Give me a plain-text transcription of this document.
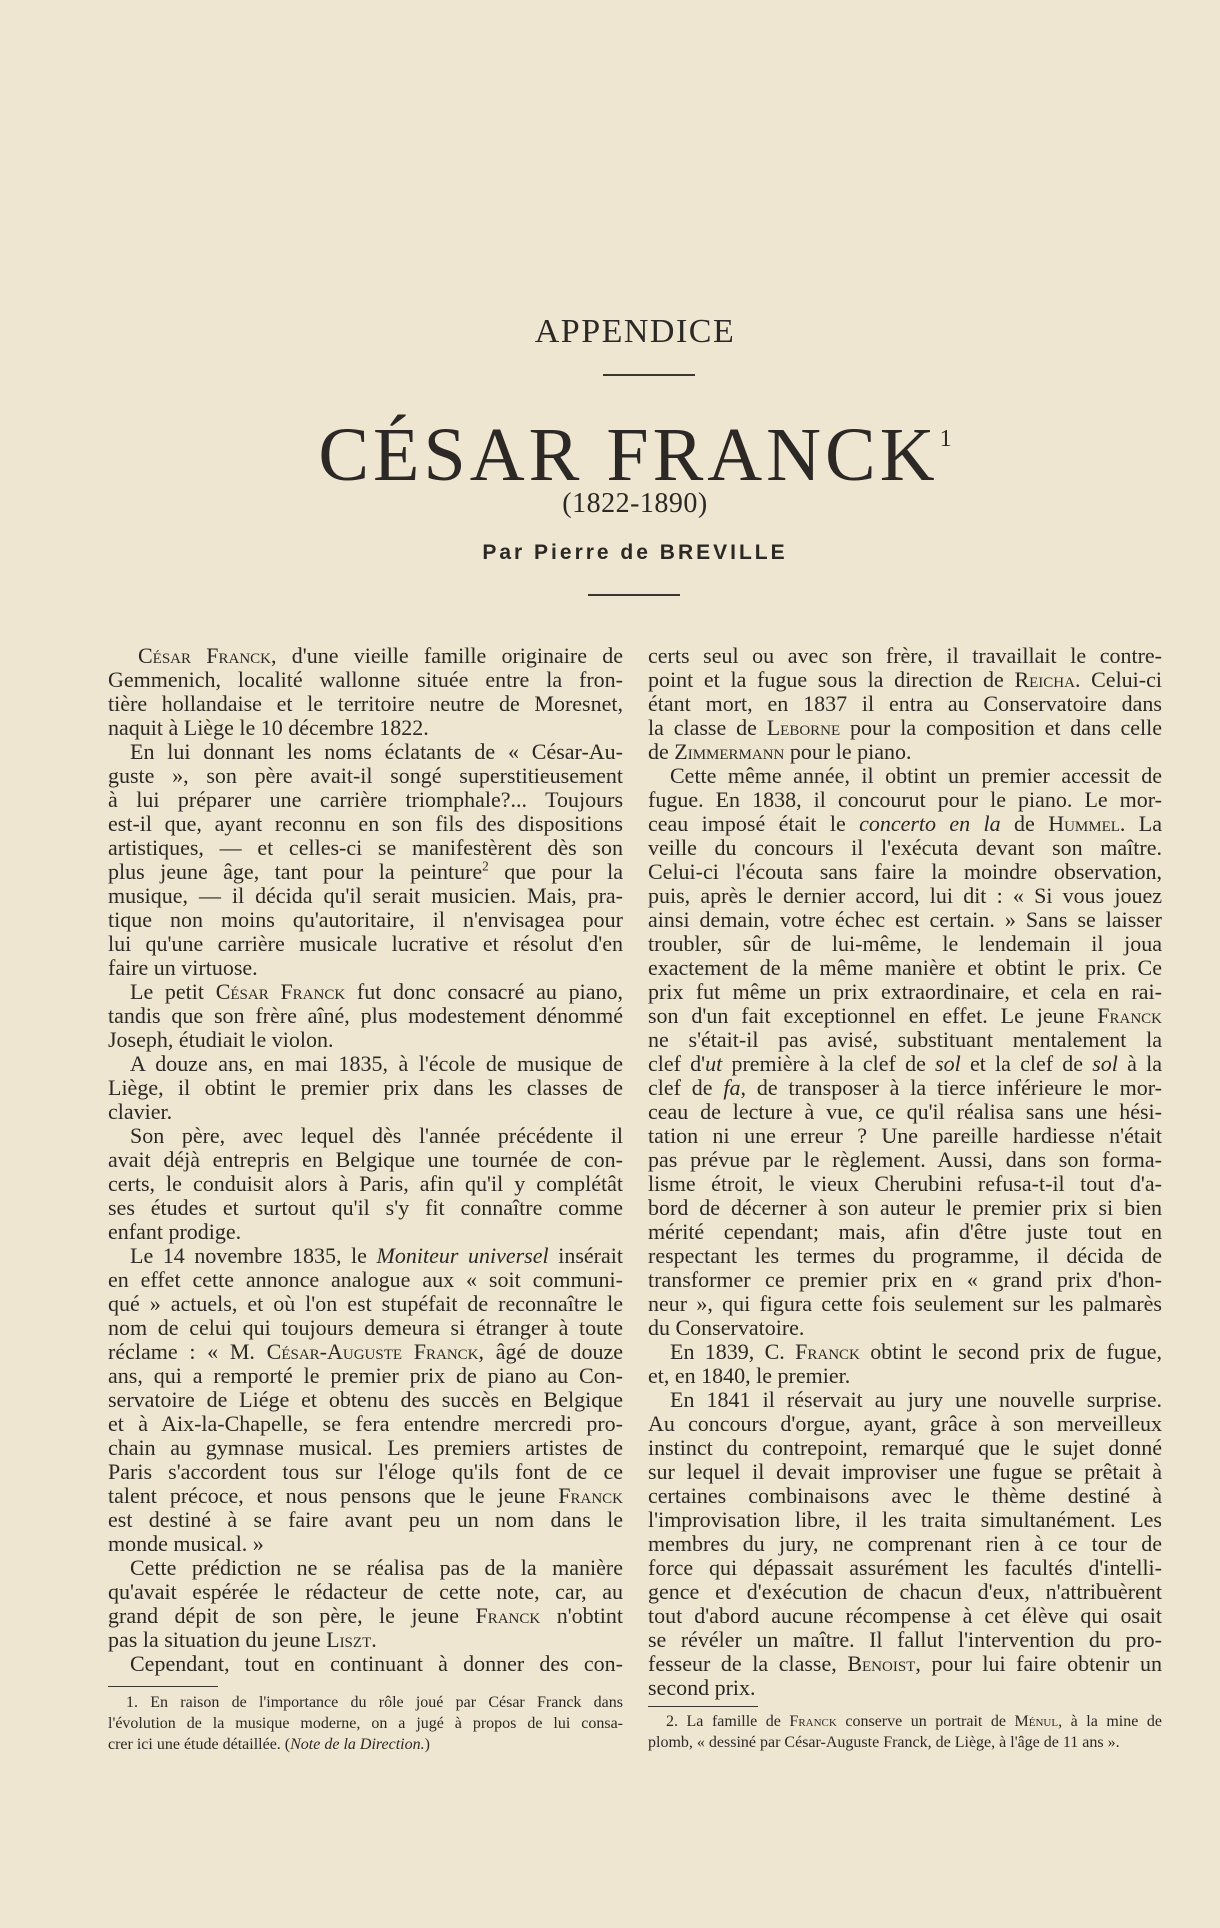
APPENDICE
CÉSAR FRANCK$^1$
(1822-1890)
Par Pierre de BREVILLE
César Franck, d'une vieille famille originaire de
Gemmenich, localité wallonne située entre la fron-
tière hollandaise et le territoire neutre de Moresnet,
naquit à Liège le 10 décembre 1822.
En lui donnant les noms éclatants de « César-Au-
guste », son père avait-il songé superstitieusement
à lui préparer une carrière triomphale?... Toujours
est-il que, ayant reconnu en son fils des dispositions
artistiques, — et celles-ci se manifestèrent dès son
plus jeune âge, tant pour la peinture$^2$ que pour la
musique, — il décida qu'il serait musicien. Mais, pra-
tique non moins qu'autoritaire, il n'envisagea pour
lui qu'une carrière musicale lucrative et résolut d'en
faire un virtuose.
Le petit César Franck fut donc consacré au piano,
tandis que son frère aîné, plus modestement dénommé
Joseph, étudiait le violon.
A douze ans, en mai 1835, à l'école de musique de
Liège, il obtint le premier prix dans les classes de
clavier.
Son père, avec lequel dès l'année précédente il
avait déjà entrepris en Belgique une tournée de con-
certs, le conduisit alors à Paris, afin qu'il y complétât
ses études et surtout qu'il s'y fit connaître comme
enfant prodige.
Le 14 novembre 1835, le Moniteur universel insérait
en effet cette annonce analogue aux « soit communi-
qué » actuels, et où l'on est stupéfait de reconnaître le
nom de celui qui toujours demeura si étranger à toute
réclame : « M. César-Auguste Franck, âgé de douze
ans, qui a remporté le premier prix de piano au Con-
servatoire de Liége et obtenu des succès en Belgique
et à Aix-la-Chapelle, se fera entendre mercredi pro-
chain au gymnase musical. Les premiers artistes de
Paris s'accordent tous sur l'éloge qu'ils font de ce
talent précoce, et nous pensons que le jeune Franck
est destiné à se faire avant peu un nom dans le
monde musical. »
Cette prédiction ne se réalisa pas de la manière
qu'avait espérée le rédacteur de cette note, car, au
grand dépit de son père, le jeune Franck n'obtint
pas la situation du jeune Liszt.
Cependant, tout en continuant à donner des con-
certs seul ou avec son frère, il travaillait le contre-
point et la fugue sous la direction de Reicha. Celui-ci
étant mort, en 1837 il entra au Conservatoire dans
la classe de Leborne pour la composition et dans celle
de Zimmermann pour le piano.
Cette même année, il obtint un premier accessit de
fugue. En 1838, il concourut pour le piano. Le mor-
ceau imposé était le concerto en la de Hummel. La
veille du concours il l'exécuta devant son maître.
Celui-ci l'écouta sans faire la moindre observation,
puis, après le dernier accord, lui dit : « Si vous jouez
ainsi demain, votre échec est certain. » Sans se laisser
troubler, sûr de lui-même, le lendemain il joua
exactement de la même manière et obtint le prix. Ce
prix fut même un prix extraordinaire, et cela en rai-
son d'un fait exceptionnel en effet. Le jeune Franck
ne s'était-il pas avisé, substituant mentalement la
clef d'ut première à la clef de sol et la clef de sol à la
clef de fa, de transposer à la tierce inférieure le mor-
ceau de lecture à vue, ce qu'il réalisa sans une hési-
tation ni une erreur ? Une pareille hardiesse n'était
pas prévue par le règlement. Aussi, dans son forma-
lisme étroit, le vieux Cherubini refusa-t-il tout d'a-
bord de décerner à son auteur le premier prix si bien
mérité cependant; mais, afin d'être juste tout en
respectant les termes du programme, il décida de
transformer ce premier prix en « grand prix d'hon-
neur », qui figura cette fois seulement sur les palmarès
du Conservatoire.
En 1839, C. Franck obtint le second prix de fugue,
et, en 1840, le premier.
En 1841 il réservait au jury une nouvelle surprise.
Au concours d'orgue, ayant, grâce à son merveilleux
instinct du contrepoint, remarqué que le sujet donné
sur lequel il devait improviser une fugue se prêtait à
certaines combinaisons avec le thème destiné à
l'improvisation libre, il les traita simultanément. Les
membres du jury, ne comprenant rien à ce tour de
force qui dépassait assurément les facultés d'intelli-
gence et d'exécution de chacun d'eux, n'attribuèrent
tout d'abord aucune récompense à cet élève qui osait
se révéler un maître. Il fallut l'intervention du pro-
fesseur de la classe, Benoist, pour lui faire obtenir un
second prix.
1. En raison de l'importance du rôle joué par César Franck dans
l'évolution de la musique moderne, on a jugé à propos de lui consa-
crer ici une étude détaillée. (Note de la Direction.)
2. La famille de Franck conserve un portrait de Ménul, à la mine de
plomb, « dessiné par César-Auguste Franck, de Liège, à l'âge de 11 ans ».
